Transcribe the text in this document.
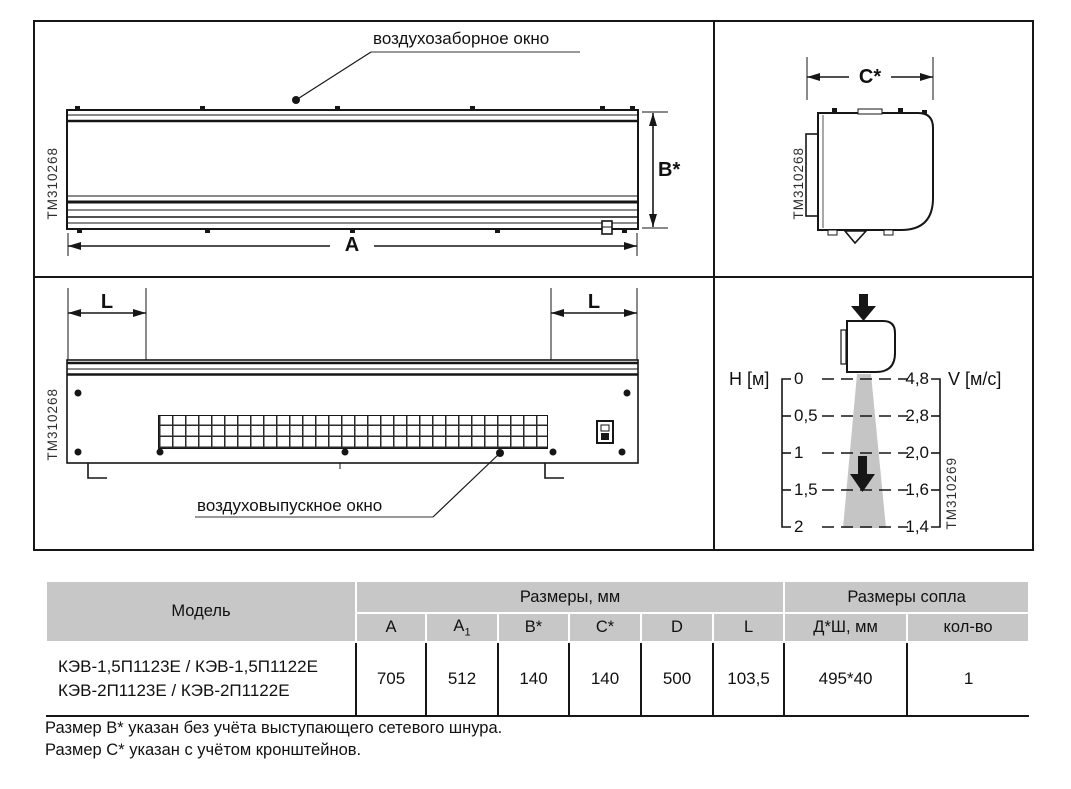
воздухозаборное окно
воздуховыпускное окно
A
B*
C*
L	L
TM310268	TM310268
TM310268
TM310269
H [м]	V [м/с]
0
0,5
1
1,5
2
4,8
2,8
2,0
1,6
1,4
Модель	Размеры, мм						Размеры сопла	
	А	$А_1$	В*	С*	D	L	Д*Ш, мм	кол-во

КЭВ-1,5П1123Е / КЭВ-1,5П1122Е
КЭВ-2П1123Е / КЭВ-2П1122Е	705	512	140	140	500	103,5	495*40	1
Размер В* указан без учёта выступающего сетевого шнура.
Размер С* указан с учётом кронштейнов.
